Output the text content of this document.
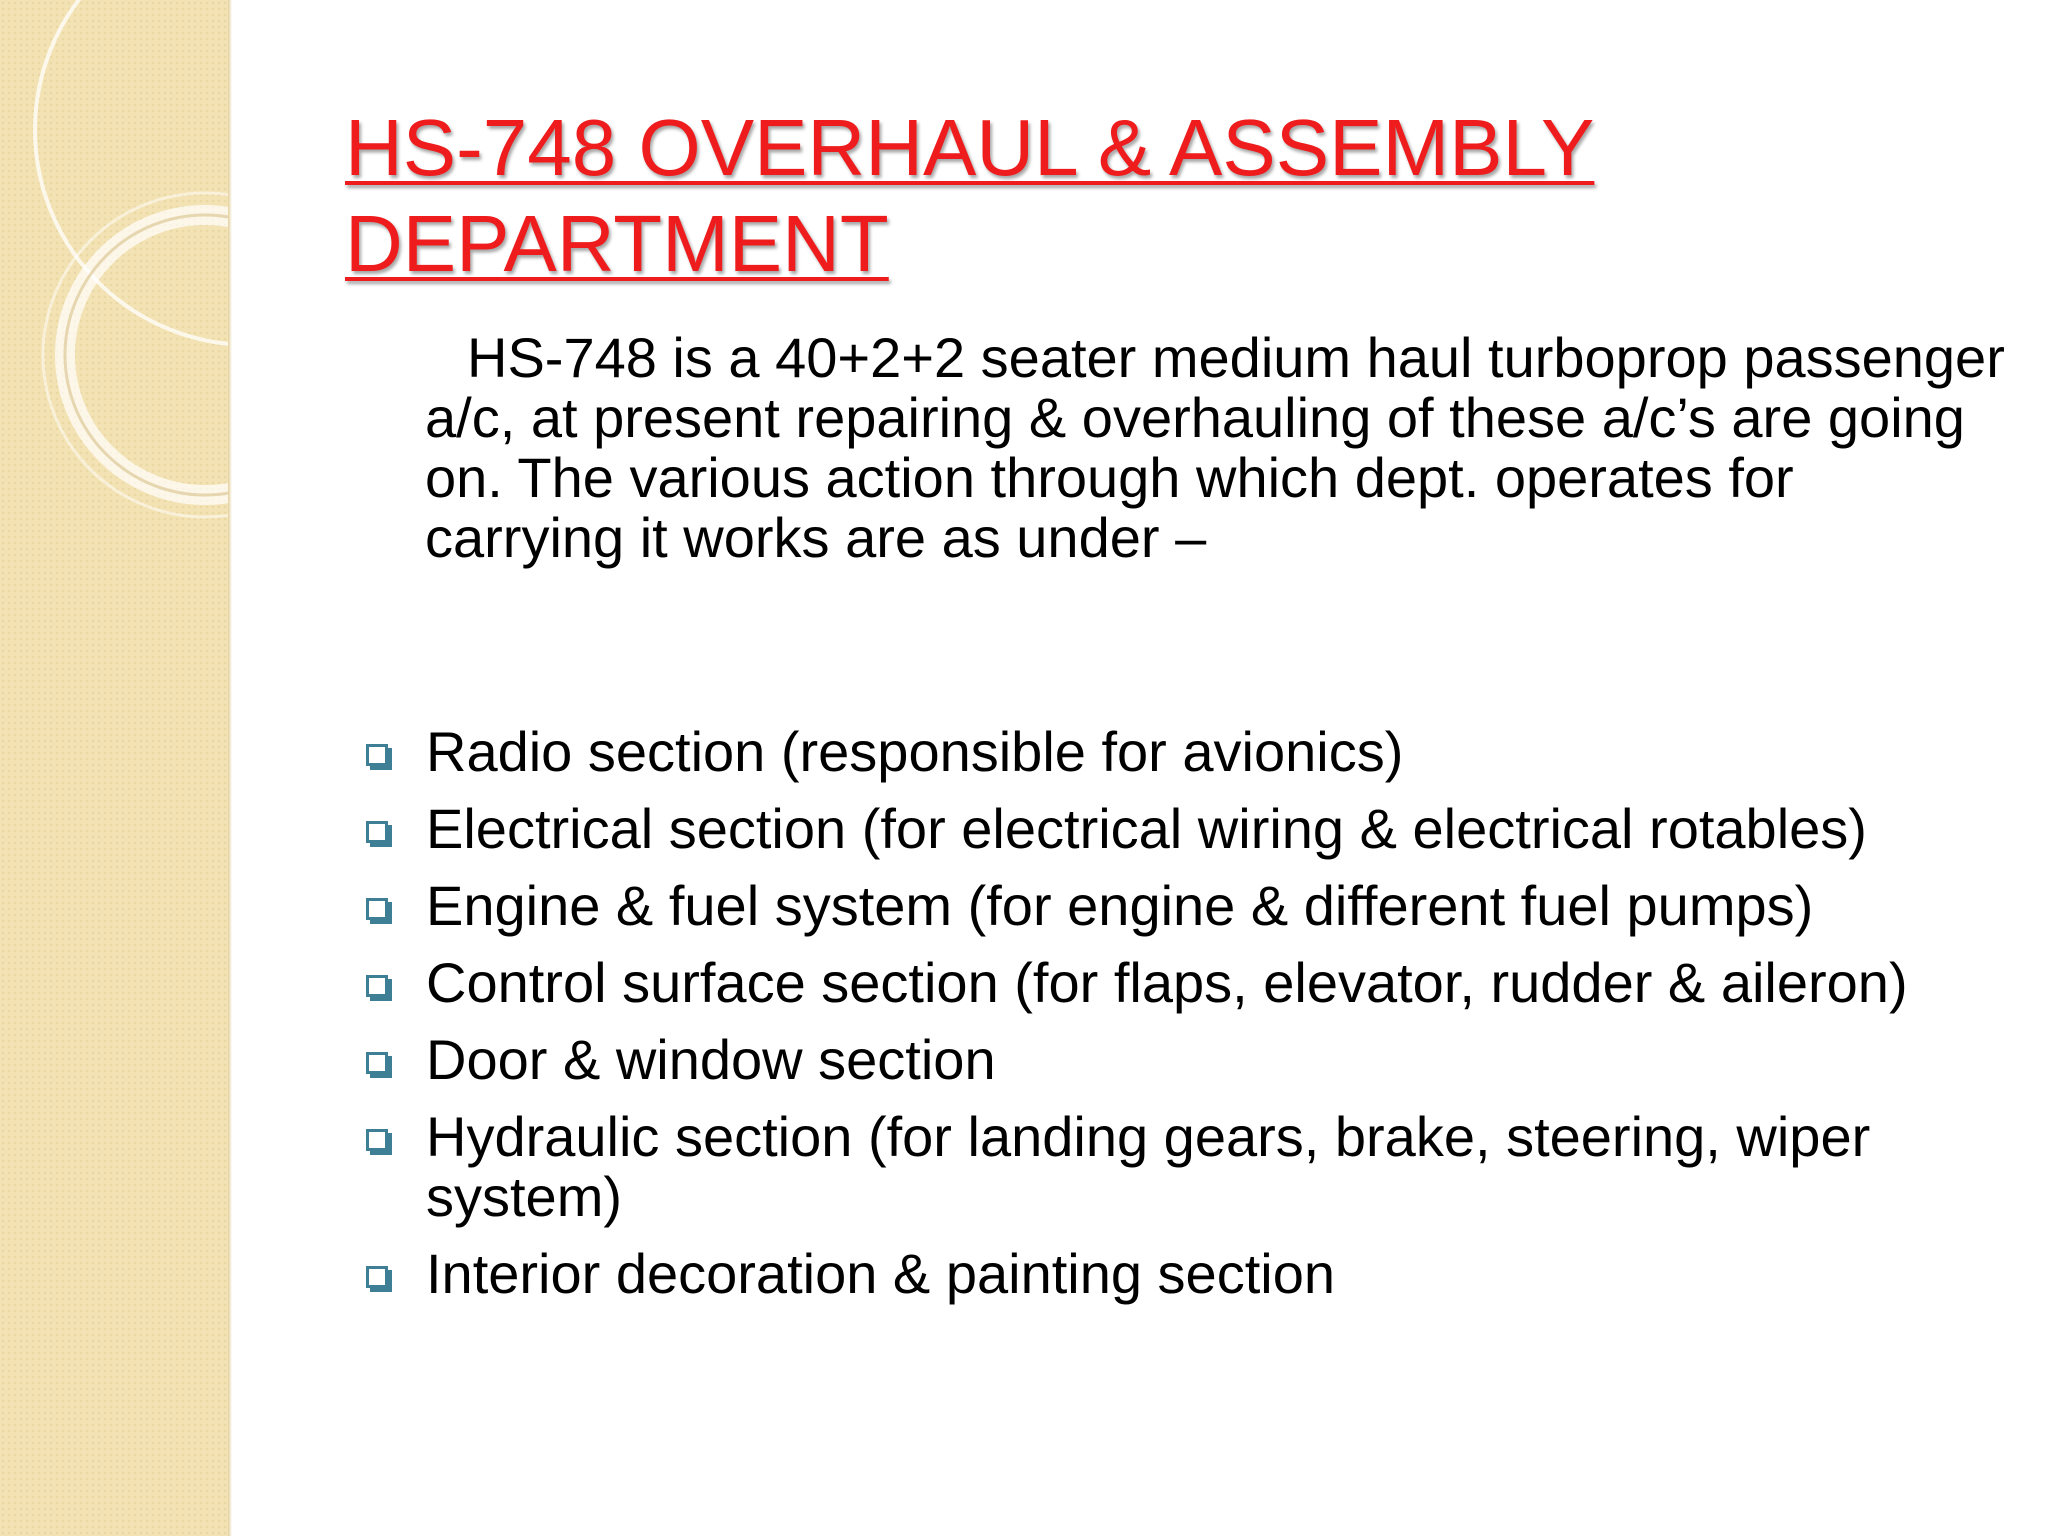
HS-748 OVERHAUL & ASSEMBLY
DEPARTMENT

HS-748 is a 40+2+2 seater medium haul turboprop passenger a/c, at present repairing & overhauling of these a/c’s are going on. The various action through which dept. operates for carrying it works are as under –

Radio section (responsible for avionics)
Electrical section (for electrical wiring & electrical rotables)
Engine & fuel system (for engine & different fuel pumps)
Control surface section (for flaps, elevator, rudder & aileron)
Door & window section
Hydraulic section (for landing gears, brake, steering, wiper system)
Interior decoration & painting section
